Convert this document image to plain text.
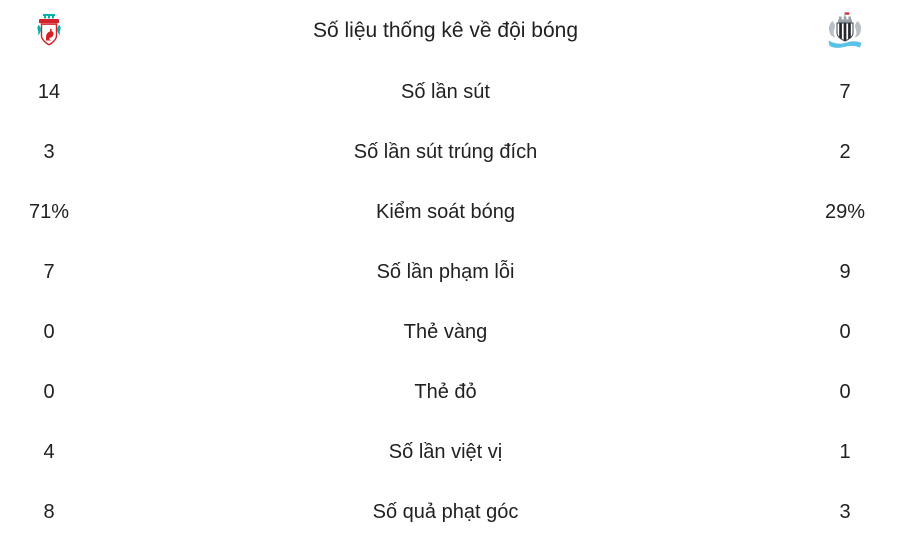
Số liệu thống kê về đội bóng
14	Số lần sút	7
3	Số lần sút trúng đích	2
71%	Kiểm soát bóng	29%
7	Số lần phạm lỗi	9
0	Thẻ vàng	0
0	Thẻ đỏ	0
4	Số lần việt vị	1
8	Số quả phạt góc	3
